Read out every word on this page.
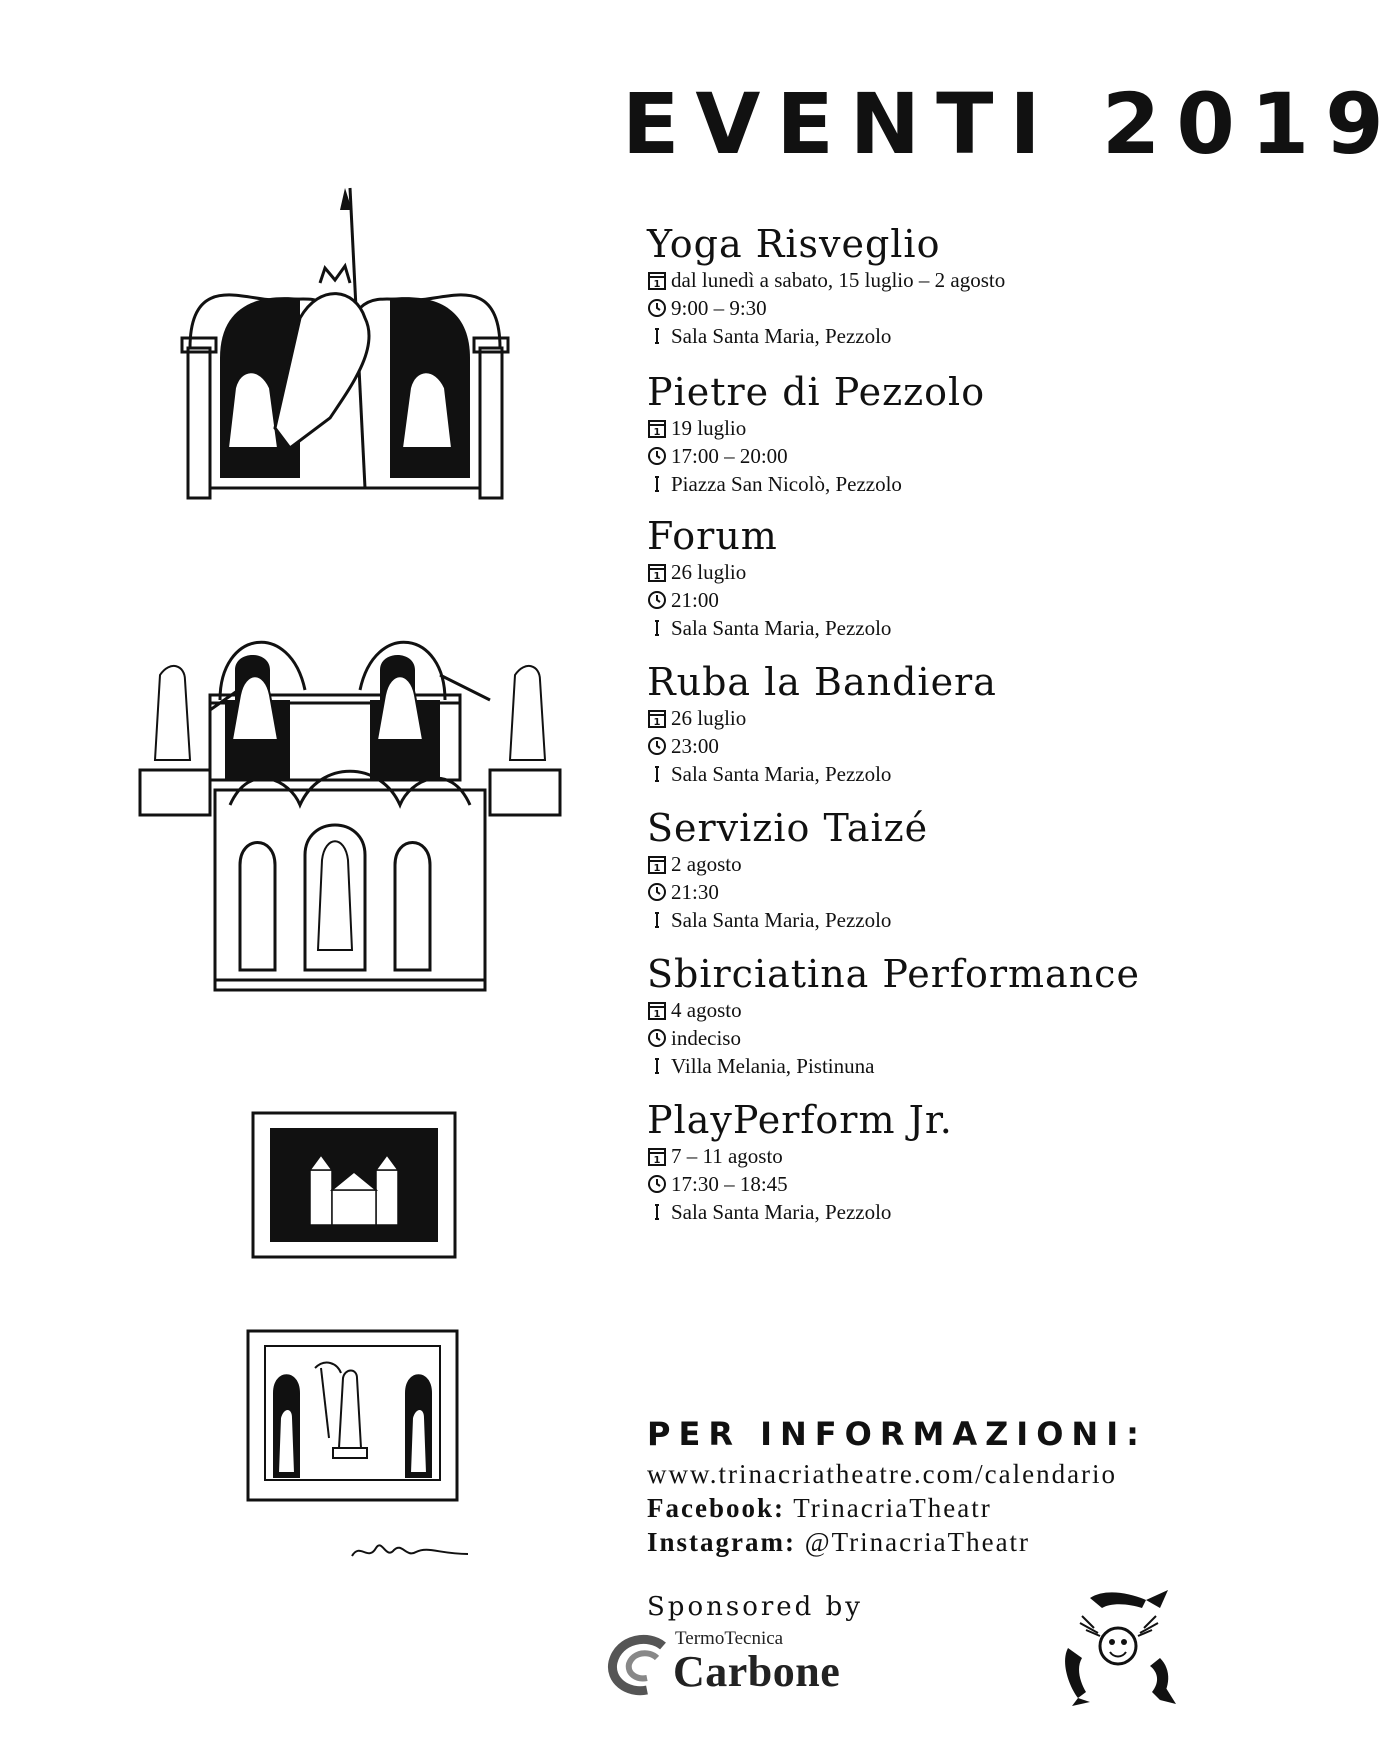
EVENTI 2019
Yoga Risveglio
1 dal lunedì a sabato, 15 luglio – 2 agosto
9:00 – 9:30
Sala Santa Maria, Pezzolo
Pietre di Pezzolo
1 19 luglio
17:00 – 20:00
Piazza San Nicolò, Pezzolo
Forum
1 26 luglio
21:00
Sala Santa Maria, Pezzolo
Ruba la Bandiera
1 26 luglio
23:00
Sala Santa Maria, Pezzolo
Servizio Taizé
1 2 agosto
21:30
Sala Santa Maria, Pezzolo
Sbirciatina Performance
1 4 agosto
indeciso
Villa Melania, Pistinuna
PlayPerform Jr.
1 7 – 11 agosto
17:30 – 18:45
Sala Santa Maria, Pezzolo
PER INFORMAZIONI:
www.trinacriatheatre.com/calendario
Facebook: TrinacriaTheatr
Instagram: @TrinacriaTheatr
Sponsored by
TermoTecnica
Carbone
